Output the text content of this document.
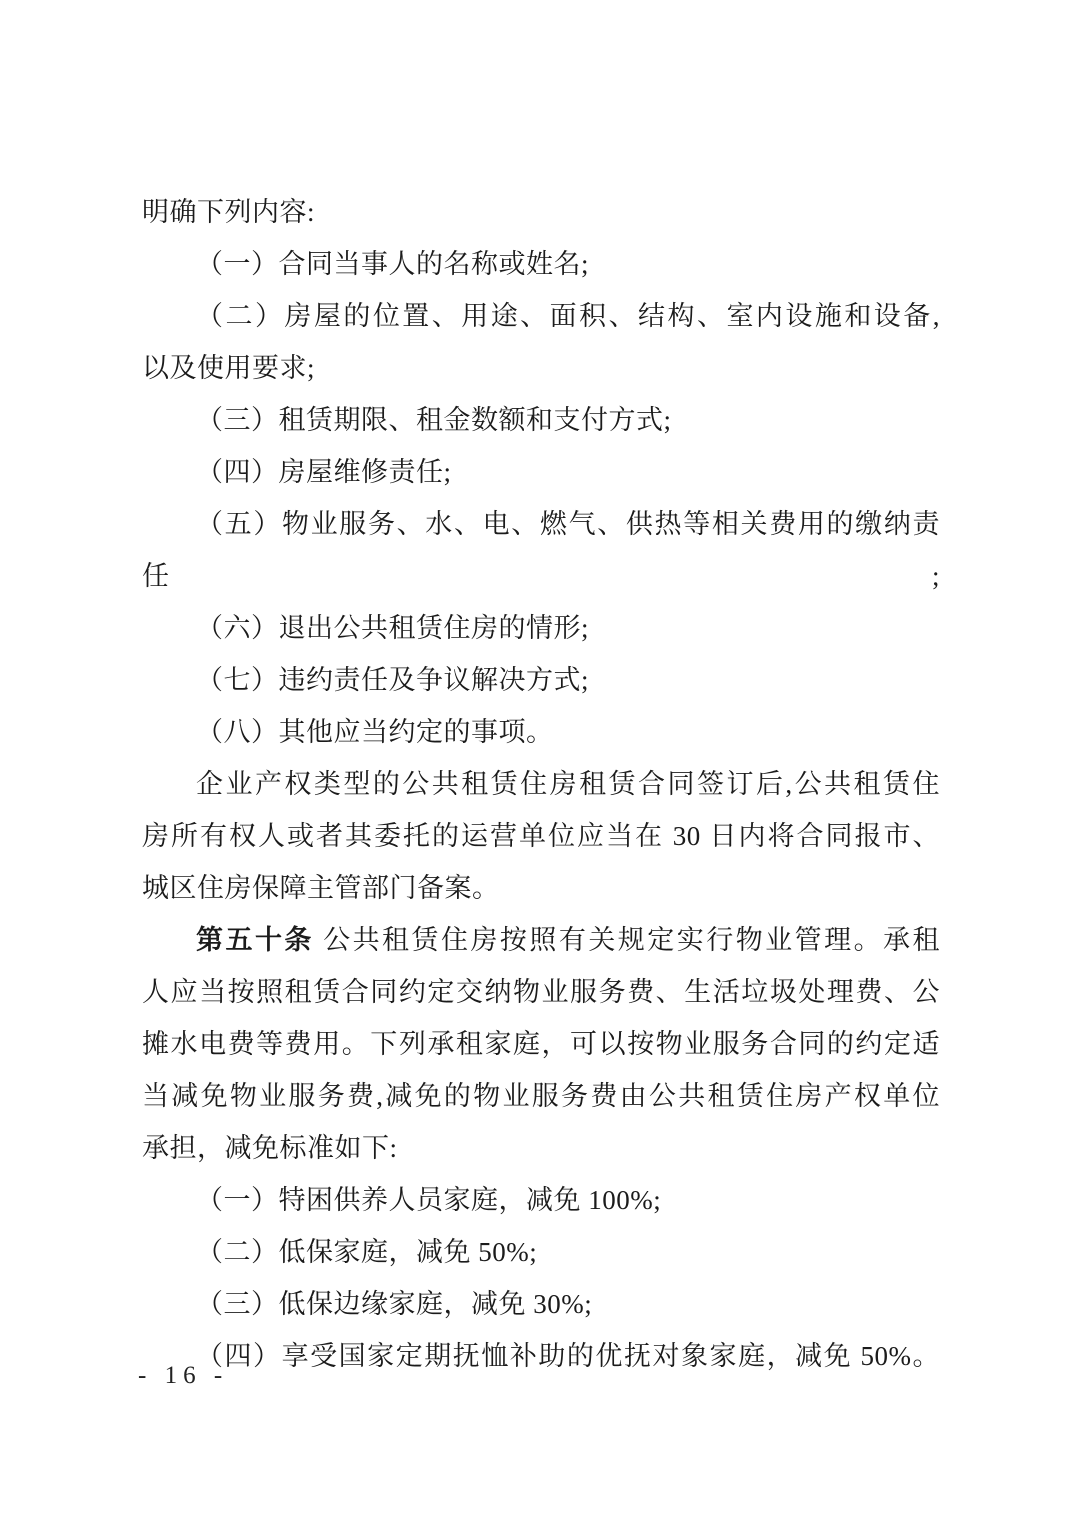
明确下列内容:
（一）合同当事人的名称或姓名;
（二）房屋的位置、用途、面积、结构、室内设施和设备,
以及使用要求;
（三）租赁期限、租金数额和支付方式;
（四）房屋维修责任;
（五）物业服务、水、电、燃气、供热等相关费用的缴纳责任;
（六）退出公共租赁住房的情形;
（七）违约责任及争议解决方式;
（八）其他应当约定的事项。
企业产权类型的公共租赁住房租赁合同签订后,公共租赁住
房所有权人或者其委托的运营单位应当在 30 日内将合同报市、
城区住房保障主管部门备案。
第五十条 公共租赁住房按照有关规定实行物业管理。承租
人应当按照租赁合同约定交纳物业服务费、生活垃圾处理费、公
摊水电费等费用。下列承租家庭，可以按物业服务合同的约定适
当减免物业服务费,减免的物业服务费由公共租赁住房产权单位
承担，减免标准如下:
（一）特困供养人员家庭，减免 100%;
（二）低保家庭，减免 50%;
（三）低保边缘家庭，减免 30%;
（四）享受国家定期抚恤补助的优抚对象家庭，减免 50%。
- 16 -
